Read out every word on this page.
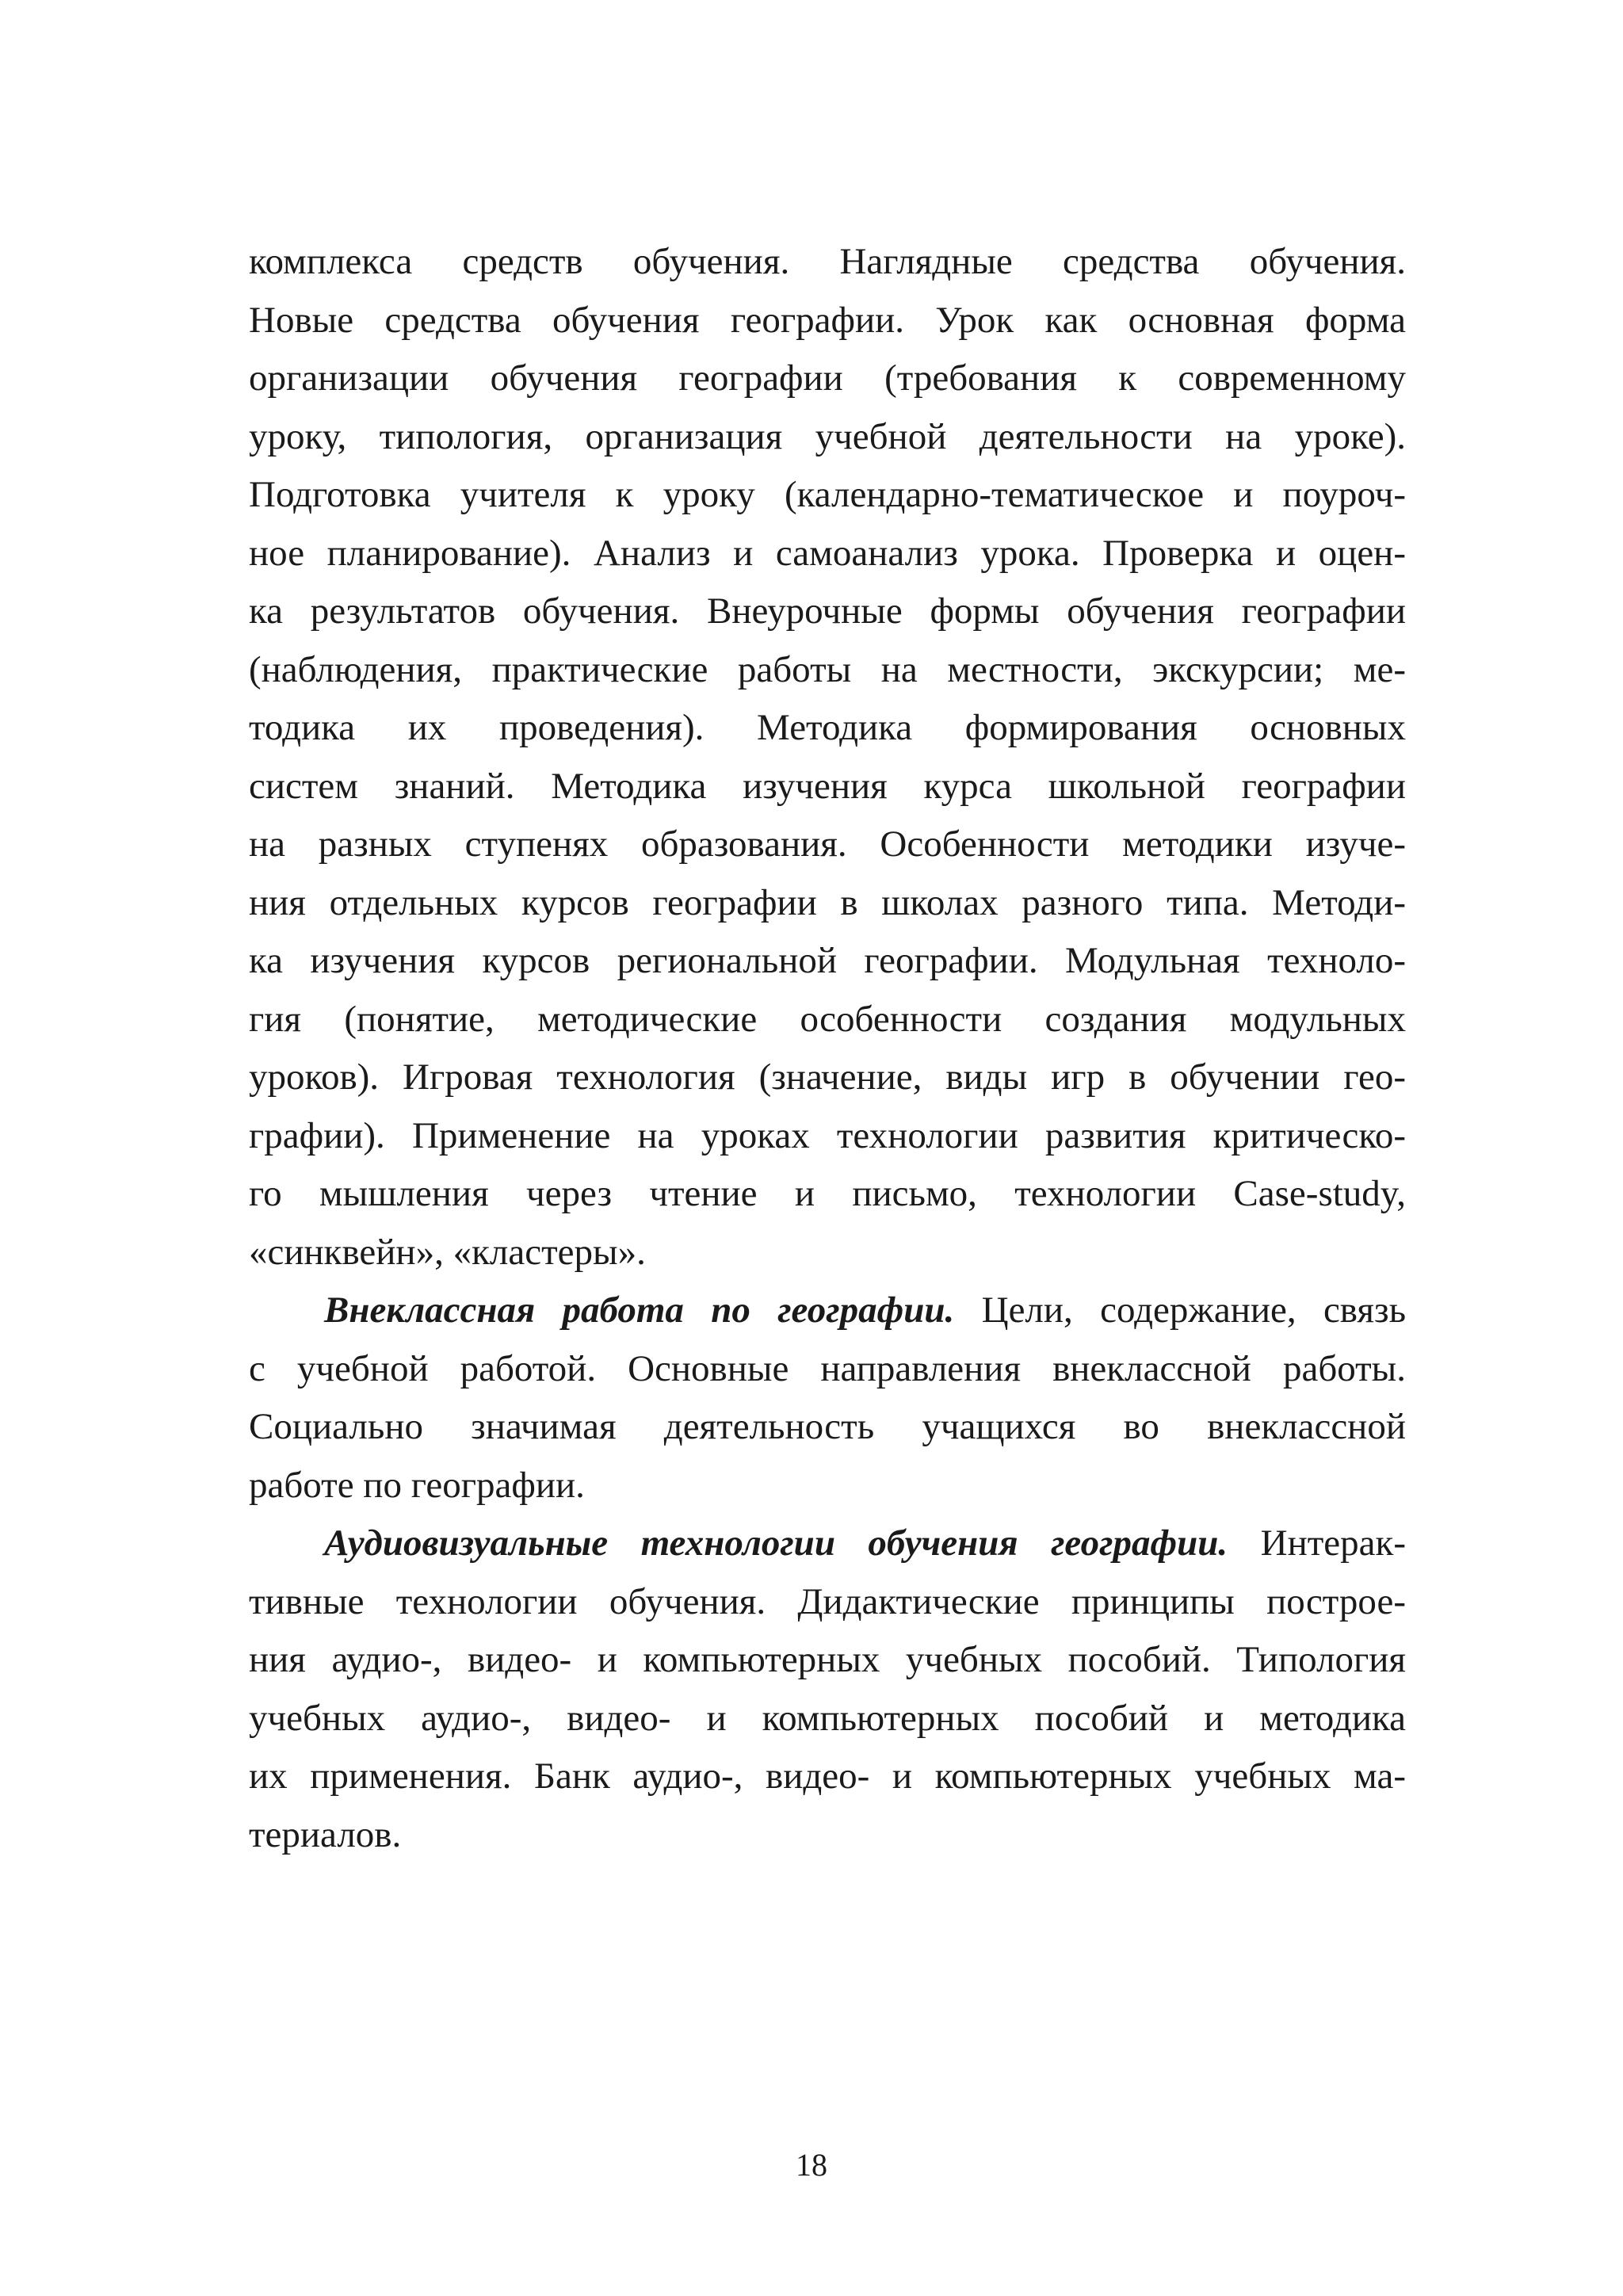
комплекса средств обучения. Наглядные средства обучения.
Новые средства обучения географии. Урок как основная форма
организации обучения географии (требования к современному
уроку, типология, организация учебной деятельности на уроке).
Подготовка учителя к уроку (календарно-тематическое и поуроч-
ное планирование). Анализ и самоанализ урока. Проверка и оцен-
ка результатов обучения. Внеурочные формы обучения географии
(наблюдения, практические работы на местности, экскурсии; ме-
тодика их проведения). Методика формирования основных
систем знаний. Методика изучения курса школьной географии
на разных ступенях образования. Особенности методики изуче-
ния отдельных курсов географии в школах разного типа. Методи-
ка изучения курсов региональной географии. Модульная техноло-
гия (понятие, методические особенности создания модульных
уроков). Игровая технология (значение, виды игр в обучении гео-
графии). Применение на уроках технологии развития критическо-
го мышления через чтение и письмо, технологии Case-study,
«синквейн», «кластеры».
Внеклассная работа по географии. Цели, содержание, связь
с учебной работой. Основные направления внеклассной работы.
Социально значимая деятельность учащихся во внеклассной
работе по географии.
Аудиовизуальные технологии обучения географии. Интерак-
тивные технологии обучения. Дидактические принципы построе-
ния аудио-, видео- и компьютерных учебных пособий. Типология
учебных аудио-, видео- и компьютерных пособий и методика
их применения. Банк аудио-, видео- и компьютерных учебных ма-
териалов.
18
